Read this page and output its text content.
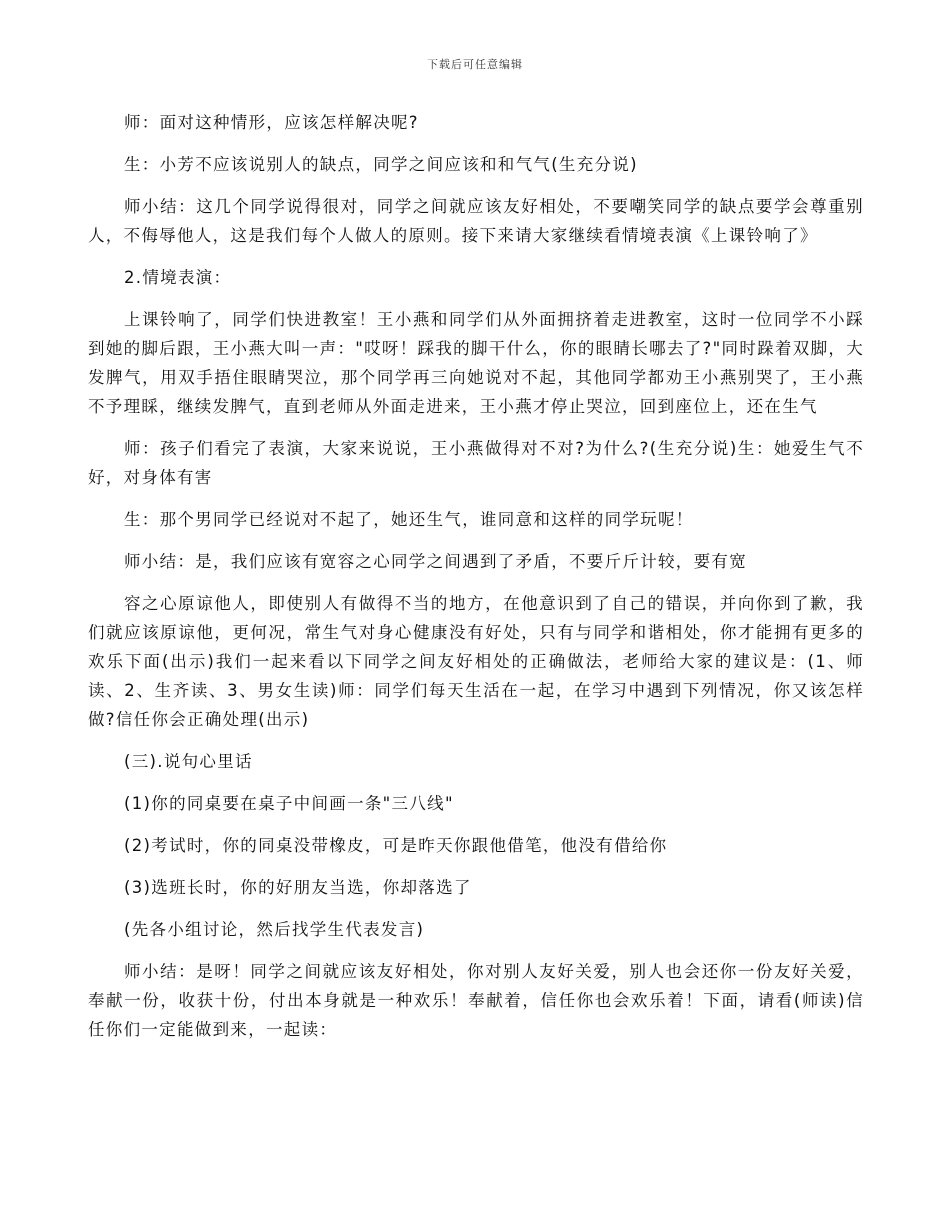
下载后可任意编辑

师：面对这种情形，应该怎样解决呢?

生：小芳不应该说别人的缺点，同学之间应该和和气气(生充分说)

师小结：这几个同学说得很对，同学之间就应该友好相处，不要嘲笑同学的缺点要学会尊重别人，不侮辱他人，这是我们每个人做人的原则。接下来请大家继续看情境表演《上课铃响了》

2.情境表演：

上课铃响了，同学们快进教室！王小燕和同学们从外面拥挤着走进教室，这时一位同学不小踩到她的脚后跟，王小燕大叫一声："哎呀！踩我的脚干什么，你的眼睛长哪去了?"同时跺着双脚，大发脾气，用双手捂住眼睛哭泣，那个同学再三向她说对不起，其他同学都劝王小燕别哭了，王小燕不予理睬，继续发脾气，直到老师从外面走进来，王小燕才停止哭泣，回到座位上，还在生气

师：孩子们看完了表演，大家来说说，王小燕做得对不对?为什么?(生充分说)生：她爱生气不好，对身体有害

生：那个男同学已经说对不起了，她还生气，谁同意和这样的同学玩呢！

师小结：是，我们应该有宽容之心同学之间遇到了矛盾，不要斤斤计较，要有宽

容之心原谅他人，即使别人有做得不当的地方，在他意识到了自己的错误，并向你到了歉，我们就应该原谅他，更何况，常生气对身心健康没有好处，只有与同学和谐相处，你才能拥有更多的欢乐下面(出示)我们一起来看以下同学之间友好相处的正确做法，老师给大家的建议是：(1、师读、2、生齐读、3、男女生读)师：同学们每天生活在一起，在学习中遇到下列情况，你又该怎样做?信任你会正确处理(出示)

(三).说句心里话

(1)你的同桌要在桌子中间画一条"三八线"

(2)考试时，你的同桌没带橡皮，可是昨天你跟他借笔，他没有借给你

(3)选班长时，你的好朋友当选，你却落选了

(先各小组讨论，然后找学生代表发言)

师小结：是呀！同学之间就应该友好相处，你对别人友好关爱，别人也会还你一份友好关爱，奉献一份，收获十份，付出本身就是一种欢乐！奉献着，信任你也会欢乐着！下面，请看(师读)信任你们一定能做到来，一起读：
